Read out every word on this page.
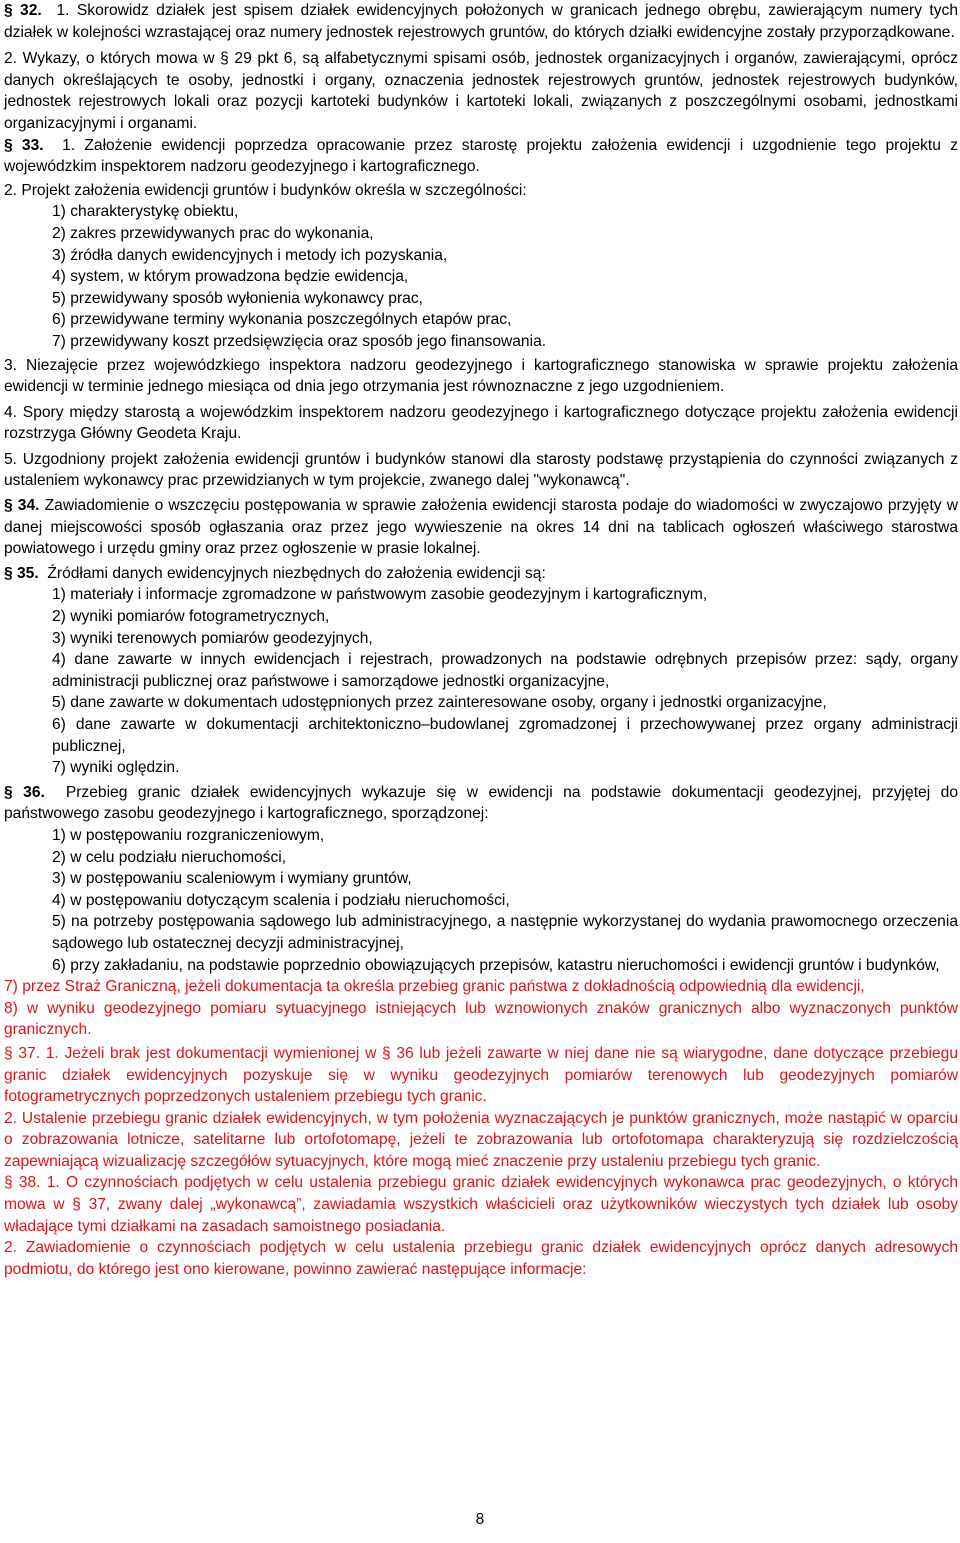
§ 32. 1. Skorowidz działek jest spisem działek ewidencyjnych położonych w granicach jednego obrębu, zawierającym numery tych działek w kolejności wzrastającej oraz numery jednostek rejestrowych gruntów, do których działki ewidencyjne zostały przyporządkowane.

2. Wykazy, o których mowa w § 29 pkt 6, są alfabetycznymi spisami osób, jednostek organizacyjnych i organów, zawierającymi, oprócz danych określających te osoby, jednostki i organy, oznaczenia jednostek rejestrowych gruntów, jednostek rejestrowych budynków, jednostek rejestrowych lokali oraz pozycji kartoteki budynków i kartoteki lokali, związanych z poszczególnymi osobami, jednostkami organizacyjnymi i organami.

§ 33. 1. Założenie ewidencji poprzedza opracowanie przez starostę projektu założenia ewidencji i uzgodnienie tego projektu z wojewódzkim inspektorem nadzoru geodezyjnego i kartograficznego.

2. Projekt założenia ewidencji gruntów i budynków określa w szczególności:

1) charakterystykę obiektu,

2) zakres przewidywanych prac do wykonania,

3) źródła danych ewidencyjnych i metody ich pozyskania,

4) system, w którym prowadzona będzie ewidencja,

5) przewidywany sposób wyłonienia wykonawcy prac,

6) przewidywane terminy wykonania poszczególnych etapów prac,

7) przewidywany koszt przedsięwzięcia oraz sposób jego finansowania.

3. Niezajęcie przez wojewódzkiego inspektora nadzoru geodezyjnego i kartograficznego stanowiska w sprawie projektu założenia ewidencji w terminie jednego miesiąca od dnia jego otrzymania jest równoznaczne z jego uzgodnieniem.

4. Spory między starostą a wojewódzkim inspektorem nadzoru geodezyjnego i kartograficznego dotyczące projektu założenia ewidencji rozstrzyga Główny Geodeta Kraju.

5. Uzgodniony projekt założenia ewidencji gruntów i budynków stanowi dla starosty podstawę przystąpienia do czynności związanych z ustaleniem wykonawcy prac przewidzianych w tym projekcie, zwanego dalej "wykonawcą".

§ 34. Zawiadomienie o wszczęciu postępowania w sprawie założenia ewidencji starosta podaje do wiadomości w zwyczajowo przyjęty w danej miejscowości sposób ogłaszania oraz przez jego wywieszenie na okres 14 dni na tablicach ogłoszeń właściwego starostwa powiatowego i urzędu gminy oraz przez ogłoszenie w prasie lokalnej.

§ 35. Źródłami danych ewidencyjnych niezbędnych do założenia ewidencji są:

1) materiały i informacje zgromadzone w państwowym zasobie geodezyjnym i kartograficznym,

2) wyniki pomiarów fotogrametrycznych,

3) wyniki terenowych pomiarów geodezyjnych,

4) dane zawarte w innych ewidencjach i rejestrach, prowadzonych na podstawie odrębnych przepisów przez: sądy, organy administracji publicznej oraz państwowe i samorządowe jednostki organizacyjne,

5) dane zawarte w dokumentach udostępnionych przez zainteresowane osoby, organy i jednostki organizacyjne,

6) dane zawarte w dokumentacji architektoniczno–budowlanej zgromadzonej i przechowywanej przez organy administracji publicznej,

7) wyniki oględzin.

§ 36. Przebieg granic działek ewidencyjnych wykazuje się w ewidencji na podstawie dokumentacji geodezyjnej, przyjętej do państwowego zasobu geodezyjnego i kartograficznego, sporządzonej:

1) w postępowaniu rozgraniczeniowym,

2) w celu podziału nieruchomości,

3) w postępowaniu scaleniowym i wymiany gruntów,

4) w postępowaniu dotyczącym scalenia i podziału nieruchomości,

5) na potrzeby postępowania sądowego lub administracyjnego, a następnie wykorzystanej do wydania prawomocnego orzeczenia sądowego lub ostatecznej decyzji administracyjnej,

6) przy zakładaniu, na podstawie poprzednio obowiązujących przepisów, katastru nieruchomości i ewidencji gruntów i budynków,

7) przez Straż Graniczną, jeżeli dokumentacja ta określa przebieg granic państwa z dokładnością odpowiednią dla ewidencji,

8) w wyniku geodezyjnego pomiaru sytuacyjnego istniejących lub wznowionych znaków granicznych albo wyznaczonych punktów granicznych.

§ 37. 1. Jeżeli brak jest dokumentacji wymienionej w § 36 lub jeżeli zawarte w niej dane nie są wiarygodne, dane dotyczące przebiegu granic działek ewidencyjnych pozyskuje się w wyniku geodezyjnych pomiarów terenowych lub geodezyjnych pomiarów fotogrametrycznych poprzedzonych ustaleniem przebiegu tych granic.

2. Ustalenie przebiegu granic działek ewidencyjnych, w tym położenia wyznaczających je punktów granicznych, może nastąpić w oparciu o zobrazowania lotnicze, satelitarne lub ortofotomapę, jeżeli te zobrazowania lub ortofotomapa charakteryzują się rozdzielczością zapewniającą wizualizację szczegółów sytuacyjnych, które mogą mieć znaczenie przy ustaleniu przebiegu tych granic.

§ 38. 1. O czynnościach podjętych w celu ustalenia przebiegu granic działek ewidencyjnych wykonawca prac geodezyjnych, o których mowa w § 37, zwany dalej „wykonawcą”, zawiadamia wszystkich właścicieli oraz użytkowników wieczystych tych działek lub osoby władające tymi działkami na zasadach samoistnego posiadania.

2. Zawiadomienie o czynnościach podjętych w celu ustalenia przebiegu granic działek ewidencyjnych oprócz danych adresowych podmiotu, do którego jest ono kierowane, powinno zawierać następujące informacje:

8
